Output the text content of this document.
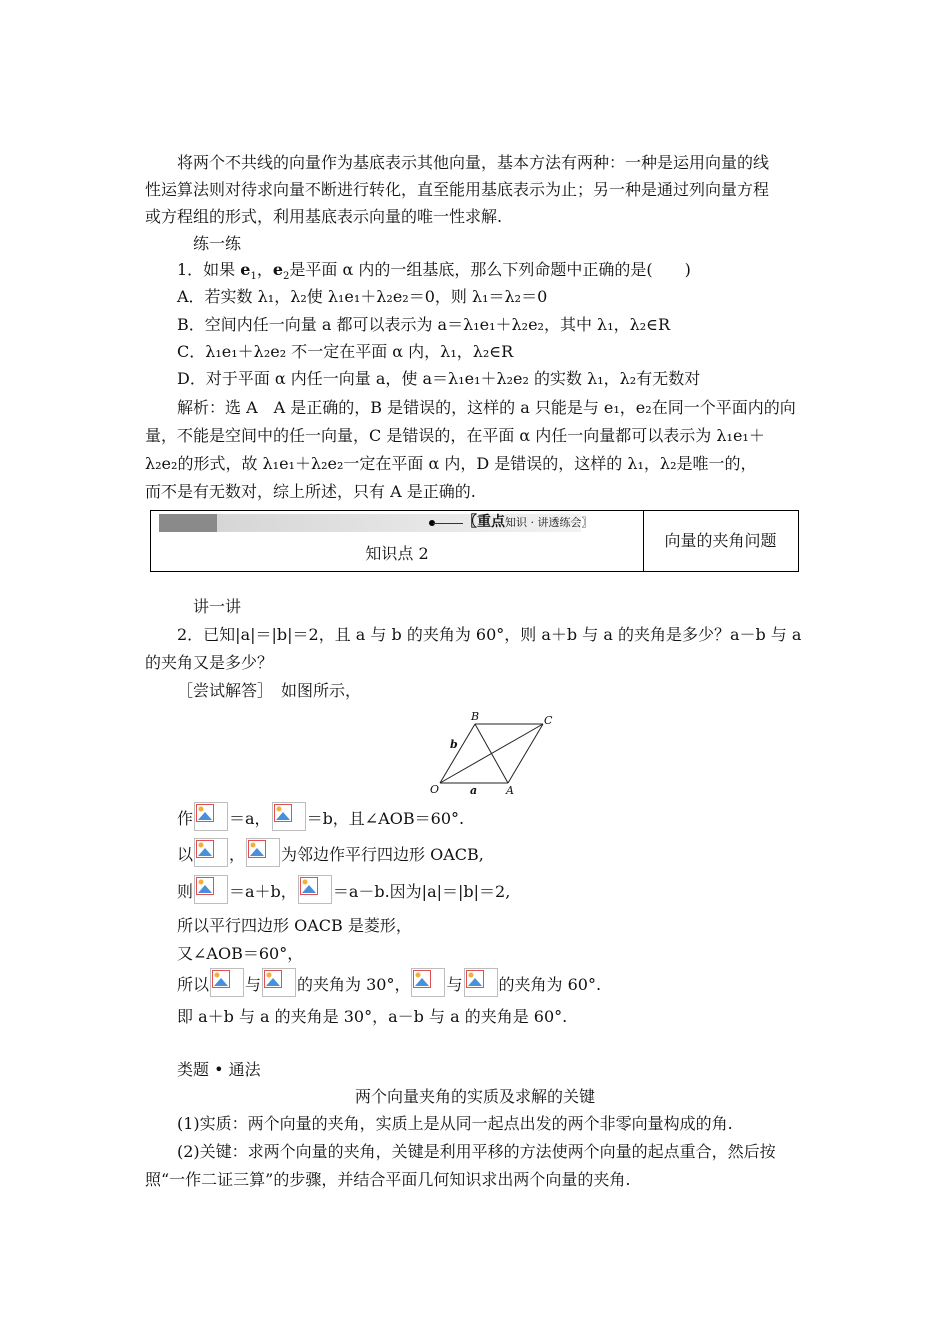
将两个不共线的向量作为基底表示其他向量，基本方法有两种：一种是运用向量的线

性运算法则对待求向量不断进行转化，直至能用基底表示为止；另一种是通过列向量方程

或方程组的形式，利用基底表示向量的唯一性求解.

练一练

1．如果 $e_1$，$e_2$是平面 α 内的一组基底，那么下列命题中正确的是(　　)

A．若实数 λ₁，λ₂使 λ₁e₁＋λ₂e₂＝0，则 λ₁＝λ₂＝0

B．空间内任一向量 a 都可以表示为 a＝λ₁e₁＋λ₂e₂，其中 λ₁，λ₂∈R

C．λ₁e₁＋λ₂e₂ 不一定在平面 α 内，λ₁，λ₂∈R

D．对于平面 α 内任一向量 a，使 a＝λ₁e₁＋λ₂e₂ 的实数 λ₁，λ₂有无数对

解析：选 A　A 是正确的，B 是错误的，这样的 a 只能是与 e₁，e₂在同一个平面内的向

量，不能是空间中的任一向量，C 是错误的，在平面 α 内任一向量都可以表示为 λ₁e₁＋

λ₂e₂的形式，故 λ₁e₁＋λ₂e₂一定在平面 α 内，D 是错误的，这样的 λ₁，λ₂是唯一的，

而不是有无数对，综上所述，只有 A 是正确的.

〖重点知识 · 讲透练会〗
知识点 2
向量的夹角问题

讲一讲

2．已知|a|＝|b|＝2，且 a 与 b 的夹角为 60°，则 a＋b 与 a 的夹角是多少？a－b 与 a

的夹角又是多少？

［尝试解答］　如图所示，

B	C
O	A
a
b

作 ＝a， ＝b，且∠AOB＝60°.

以 ， 为邻边作平行四边形 OACB,

则 ＝a＋b， ＝a－b.因为|a|＝|b|＝2,

所以平行四边形 OACB 是菱形，

又∠AOB＝60°，

所以 与 的夹角为 30°， 与 的夹角为 60°.

即 a＋b 与 a 的夹角是 30°，a－b 与 a 的夹角是 60°.

类题 • 通法

两个向量夹角的实质及求解的关键

(1)实质：两个向量的夹角，实质上是从同一起点出发的两个非零向量构成的角.

(2)关键：求两个向量的夹角，关键是利用平移的方法使两个向量的起点重合，然后按

照“一作二证三算”的步骤，并结合平面几何知识求出两个向量的夹角.
